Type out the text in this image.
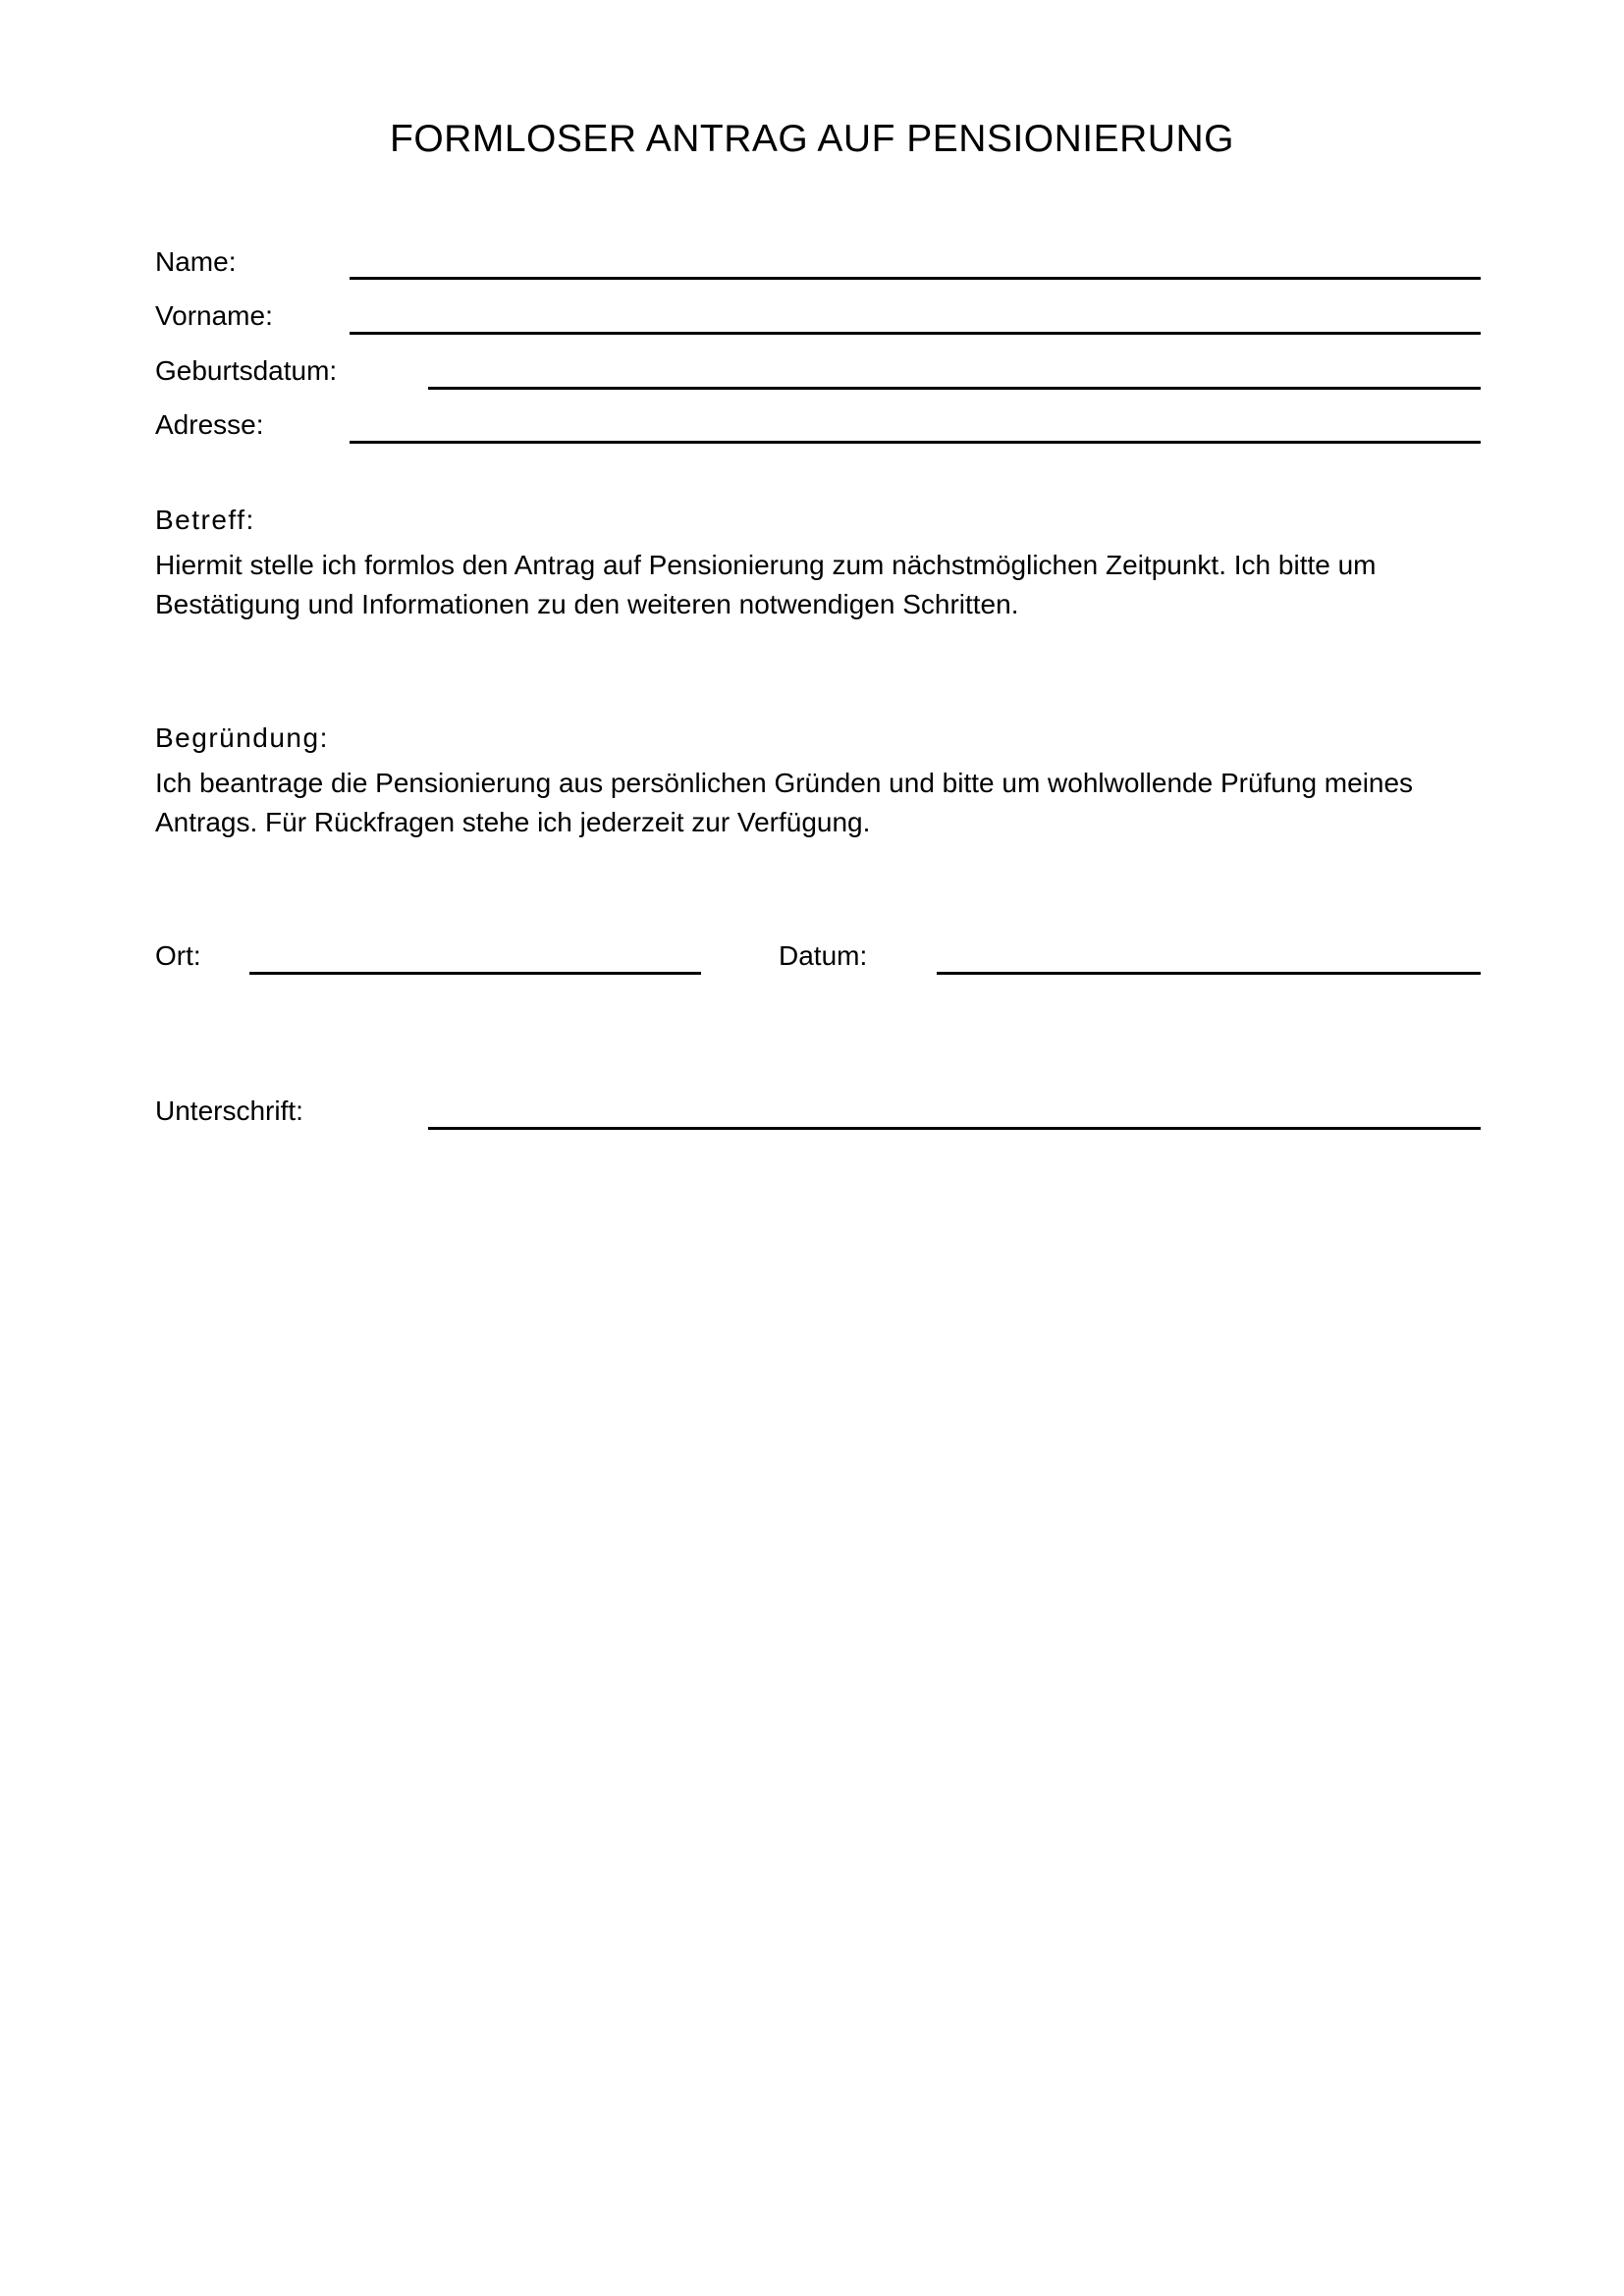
FORMLOSER ANTRAG AUF PENSIONIERUNG
Name:
Vorname:
Geburtsdatum:
Adresse:
Betreff:
Hiermit stelle ich formlos den Antrag auf Pensionierung zum nächstmöglichen Zeitpunkt. Ich bitte um Bestätigung und Informationen zu den weiteren notwendigen Schritten.
Begründung:
Ich beantrage die Pensionierung aus persönlichen Gründen und bitte um wohlwollende Prüfung meines Antrags. Für Rückfragen stehe ich jederzeit zur Verfügung.
Ort:	Datum:
Unterschrift:
